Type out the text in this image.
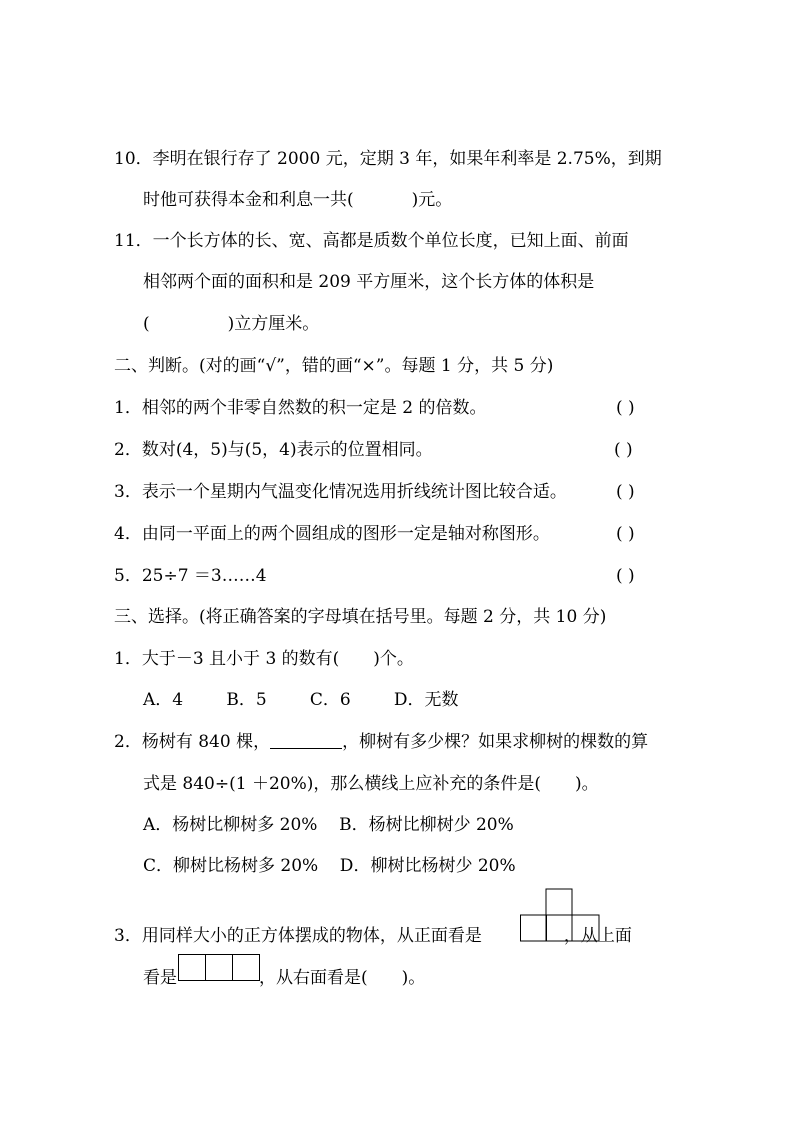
10．李明在银行存了 2000 元，定期 3 年，如果年利率是 2.75%，到期
时他可获得本金和利息一共(	)元。
11．一个长方体的长、宽、高都是质数个单位长度，已知上面、前面
相邻两个面的面积和是 209 平方厘米，这个长方体的体积是
(	)立方厘米。
二、判断。(对的画“√”，错的画“×”。每题 1 分，共 5 分)
1．相邻的两个非零自然数的积一定是 2 的倍数。	( )
2．数对(4，5)与(5，4)表示的位置相同。	( )
3．表示一个星期内气温变化情况选用折线统计图比较合适。	( )
4．由同一平面上的两个圆组成的图形一定是轴对称图形。	( )
5．25÷7 ＝3……4	( )
三、选择。(将正确答案的字母填在括号里。每题 2 分，共 10 分)
1．大于－3 且小于 3 的数有(　　)个。
A．4        B．5        C．6        D．无数
2．杨树有 840 棵，	，柳树有多少棵？如果求柳树的棵数的算
式是 840÷(1 ＋20%)，那么横线上应补充的条件是(　　)。
A．杨树比柳树多 20%    B．杨树比柳树少 20%
C．柳树比杨树多 20%    D．柳树比杨树少 20%
3．用同样大小的正方体摆成的物体，从正面看是	，从上面
看是	，从右面看是(　　)。
